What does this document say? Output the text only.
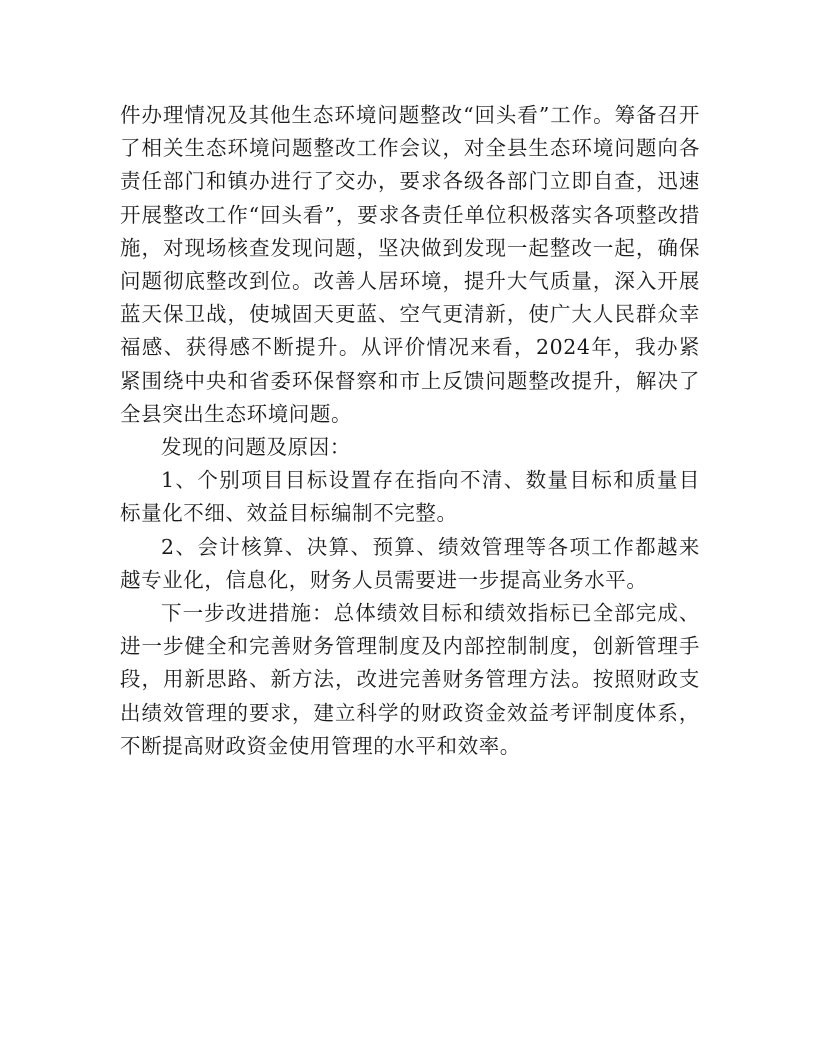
件办理情况及其他生态环境问题整改“回头看”工作。筹备召开了相关生态环境问题整改工作会议，对全县生态环境问题向各责任部门和镇办进行了交办，要求各级各部门立即自查，迅速开展整改工作“回头看”，要求各责任单位积极落实各项整改措施，对现场核查发现问题，坚决做到发现一起整改一起，确保问题彻底整改到位。改善人居环境，提升大气质量，深入开展蓝天保卫战，使城固天更蓝、空气更清新，使广大人民群众幸福感、获得感不断提升。从评价情况来看，2024年，我办紧紧围绕中央和省委环保督察和市上反馈问题整改提升，解决了全县突出生态环境问题。

发现的问题及原因：

1、个别项目目标设置存在指向不清、数量目标和质量目标量化不细、效益目标编制不完整。

2、会计核算、决算、预算、绩效管理等各项工作都越来越专业化，信息化，财务人员需要进一步提高业务水平。

下一步改进措施：总体绩效目标和绩效指标已全部完成、进一步健全和完善财务管理制度及内部控制制度，创新管理手段，用新思路、新方法，改进完善财务管理方法。按照财政支出绩效管理的要求，建立科学的财政资金效益考评制度体系，不断提高财政资金使用管理的水平和效率。
